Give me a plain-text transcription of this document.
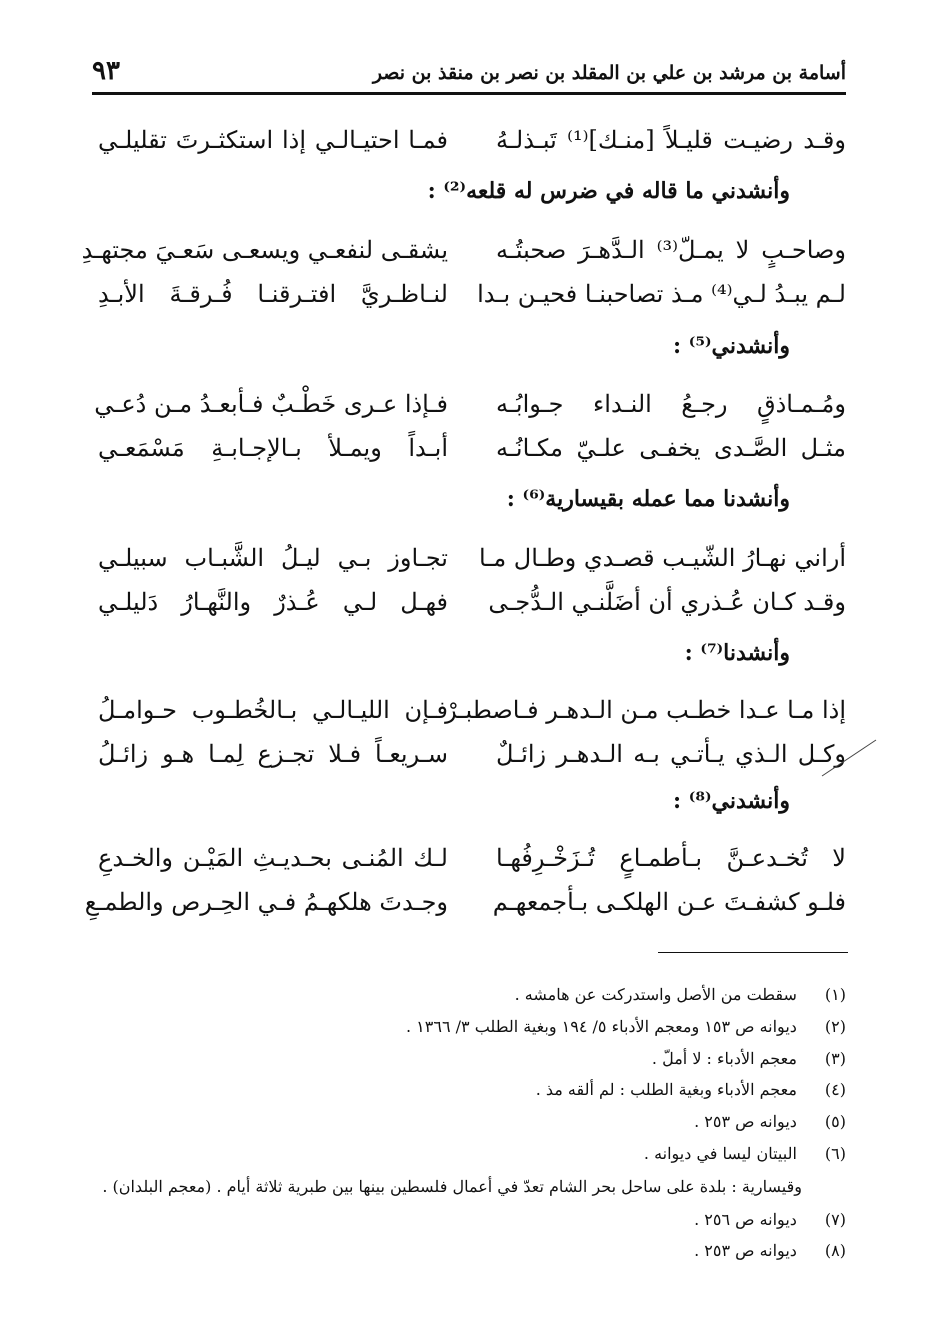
أسامة بن مرشد بن علي بن المقلد بن نصر بن منقذ بن نصر
٩٣
وقـد رضيـت قليـلاً [منـك]⁽¹⁾ تَبـذلـهُ
فمـا احتيـالـي إذا استكثـرتَ تقليلـي
وأنشدني ما قاله في ضرس له قلعه⁽²⁾ :
وصاحـبٍ لا يمـلّ⁽³⁾ الـدَّهـرَ صحبتُـه
يشقـى لنفعـي ويسعـى سَعـيَ مجتهـدِ
لـم يبـدُ لـي⁽⁴⁾ مـذ تصاحبنـا فحيـن بـدا
لنـاظـريَّ افتـرقنـا فُـرقـةَ الأبـدِ
وأنشدني⁽⁵⁾ :
ومُـمـاذقٍ رجـعُ النـداء جـوابُـه
فـإذا عـرى خَطْـبٌ فـأبعـدُ مـن دُعـي
مثـل الصَّـدى يخفـى علـيّ مكـانُـه
أبـداً ويمـلأ بـالإجـابـةِ مَسْمَعـي
وأنشدنا مما عمله بقيسارية⁽⁶⁾ :
أراني نهـارُ الشّيـب قصـدي وطـال مـا
تجـاوز بـي ليـلُ الشَّبـاب سبيلـي
وقـد كـان عُـذري أن أضَلَّنـي الـدُّجـى
فهـل لـي عُـذرٌ والنَّهـارُ دَليلـي
وأنشدنا⁽⁷⁾ :
إذا مـا عـدا خطـب مـن الـدهـر فـاصطبـرْ
فـإن الليـالـي بـالخُطـوب حـوامـلُ
وكـل الـذي يـأتـي بـه الـدهـر زائـلٌ
سـريعـاً فـلا تجـزع لِمـا هـو زائـلُ
وأنشدني⁽⁸⁾ :
لا تُخـدعـنَّ بـأطمـاعٍ تُـزَخْـرِفُهـا
لـك المُنـى بحـديـثِ المَيْـن والخـدعِ
فلـو كشفـتَ عـن الهلكـى بـأجمعهـم
وجـدتَ هلكهـمُ فـي الحِـرص والطمـعِ
(١) سقطت من الأصل واستدركت عن هامشه .
(٢) ديوانه ص ١٥٣ ومعجم الأدباء ٥/ ١٩٤ وبغية الطلب ٣/ ١٣٦٦ .
(٣) معجم الأدباء : لا أملّ .
(٤) معجم الأدباء وبغية الطلب : لم ألقه مذ .
(٥) ديوانه ص ٢٥٣ .
(٦) البيتان ليسا في ديوانه .
وقيسارية : بلدة على ساحل بحر الشام تعدّ في أعمال فلسطين بينها بين طبرية ثلاثة أيام . (معجم البلدان) .
(٧) ديوانه ص ٢٥٦ .
(٨) ديوانه ص ٢٥٣ .
